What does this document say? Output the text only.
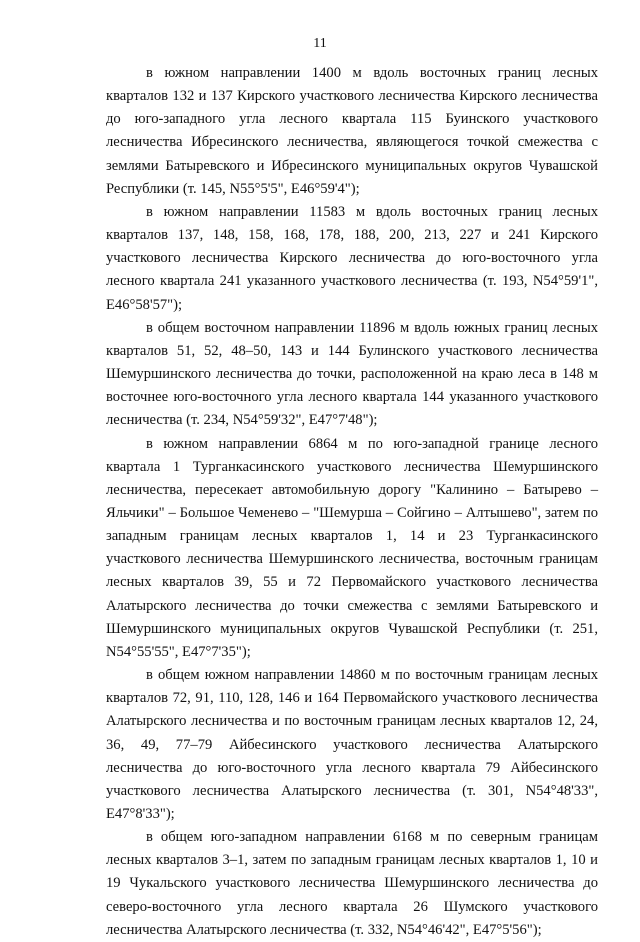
11

в южном направлении 1400 м вдоль восточных границ лесных кварталов 132 и 137 Кирского участкового лесничества Кирского лесничества до юго-западного угла лесного квартала 115 Буинского участкового лесничества Ибресинского лесничества, являющегося точкой смежества с землями Батыревского и Ибресинского муниципальных округов Чувашской Республики (т. 145, N55°5'5", E46°59'4");

в южном направлении 11583 м вдоль восточных границ лесных кварталов 137, 148, 158, 168, 178, 188, 200, 213, 227 и 241 Кирского участкового лесничества Кирского лесничества до юго-восточного угла лесного квартала 241 указанного участкового лесничества (т. 193, N54°59'1", E46°58'57");

в общем восточном направлении 11896 м вдоль южных границ лесных кварталов 51, 52, 48–50, 143 и 144 Булинского участкового лесничества Шемуршинского лесничества до точки, расположенной на краю леса в 148 м восточнее юго-восточного угла лесного квартала 144 указанного участкового лесничества (т. 234, N54°59'32", E47°7'48");

в южном направлении 6864 м по юго-западной границе лесного квартала 1 Турганкасинского участкового лесничества Шемуршинского лесничества, пересекает автомобильную дорогу "Калинино – Батырево – Яльчики" – Большое Чеменево – "Шемурша – Сойгино – Алтышево", затем по западным границам лесных кварталов 1, 14 и 23 Турганкасинского участкового лесничества Шемуршинского лесничества, восточным границам лесных кварталов 39, 55 и 72 Первомайского участкового лесничества Алатырского лесничества до точки смежества с землями Батыревского и Шемуршинского муниципальных округов Чувашской Республики (т. 251, N54°55'55", E47°7'35");

в общем южном направлении 14860 м по восточным границам лесных кварталов 72, 91, 110, 128, 146 и 164 Первомайского участкового лесничества Алатырского лесничества и по восточным границам лесных кварталов 12, 24, 36, 49, 77–79 Айбесинского участкового лесничества Алатырского лесничества до юго-восточного угла лесного квартала 79 Айбесинского участкового лесничества Алатырского лесничества (т. 301, N54°48'33", E47°8'33");

в общем юго-западном направлении 6168 м по северным границам лесных кварталов 3–1, затем по западным границам лесных кварталов 1, 10 и 19 Чукальского участкового лесничества Шемуршинского лесничества до северо-восточного угла лесного квартала 26 Шумского участкового лесничества Алатырского лесничества (т. 332, N54°46'42", E47°5'56");
